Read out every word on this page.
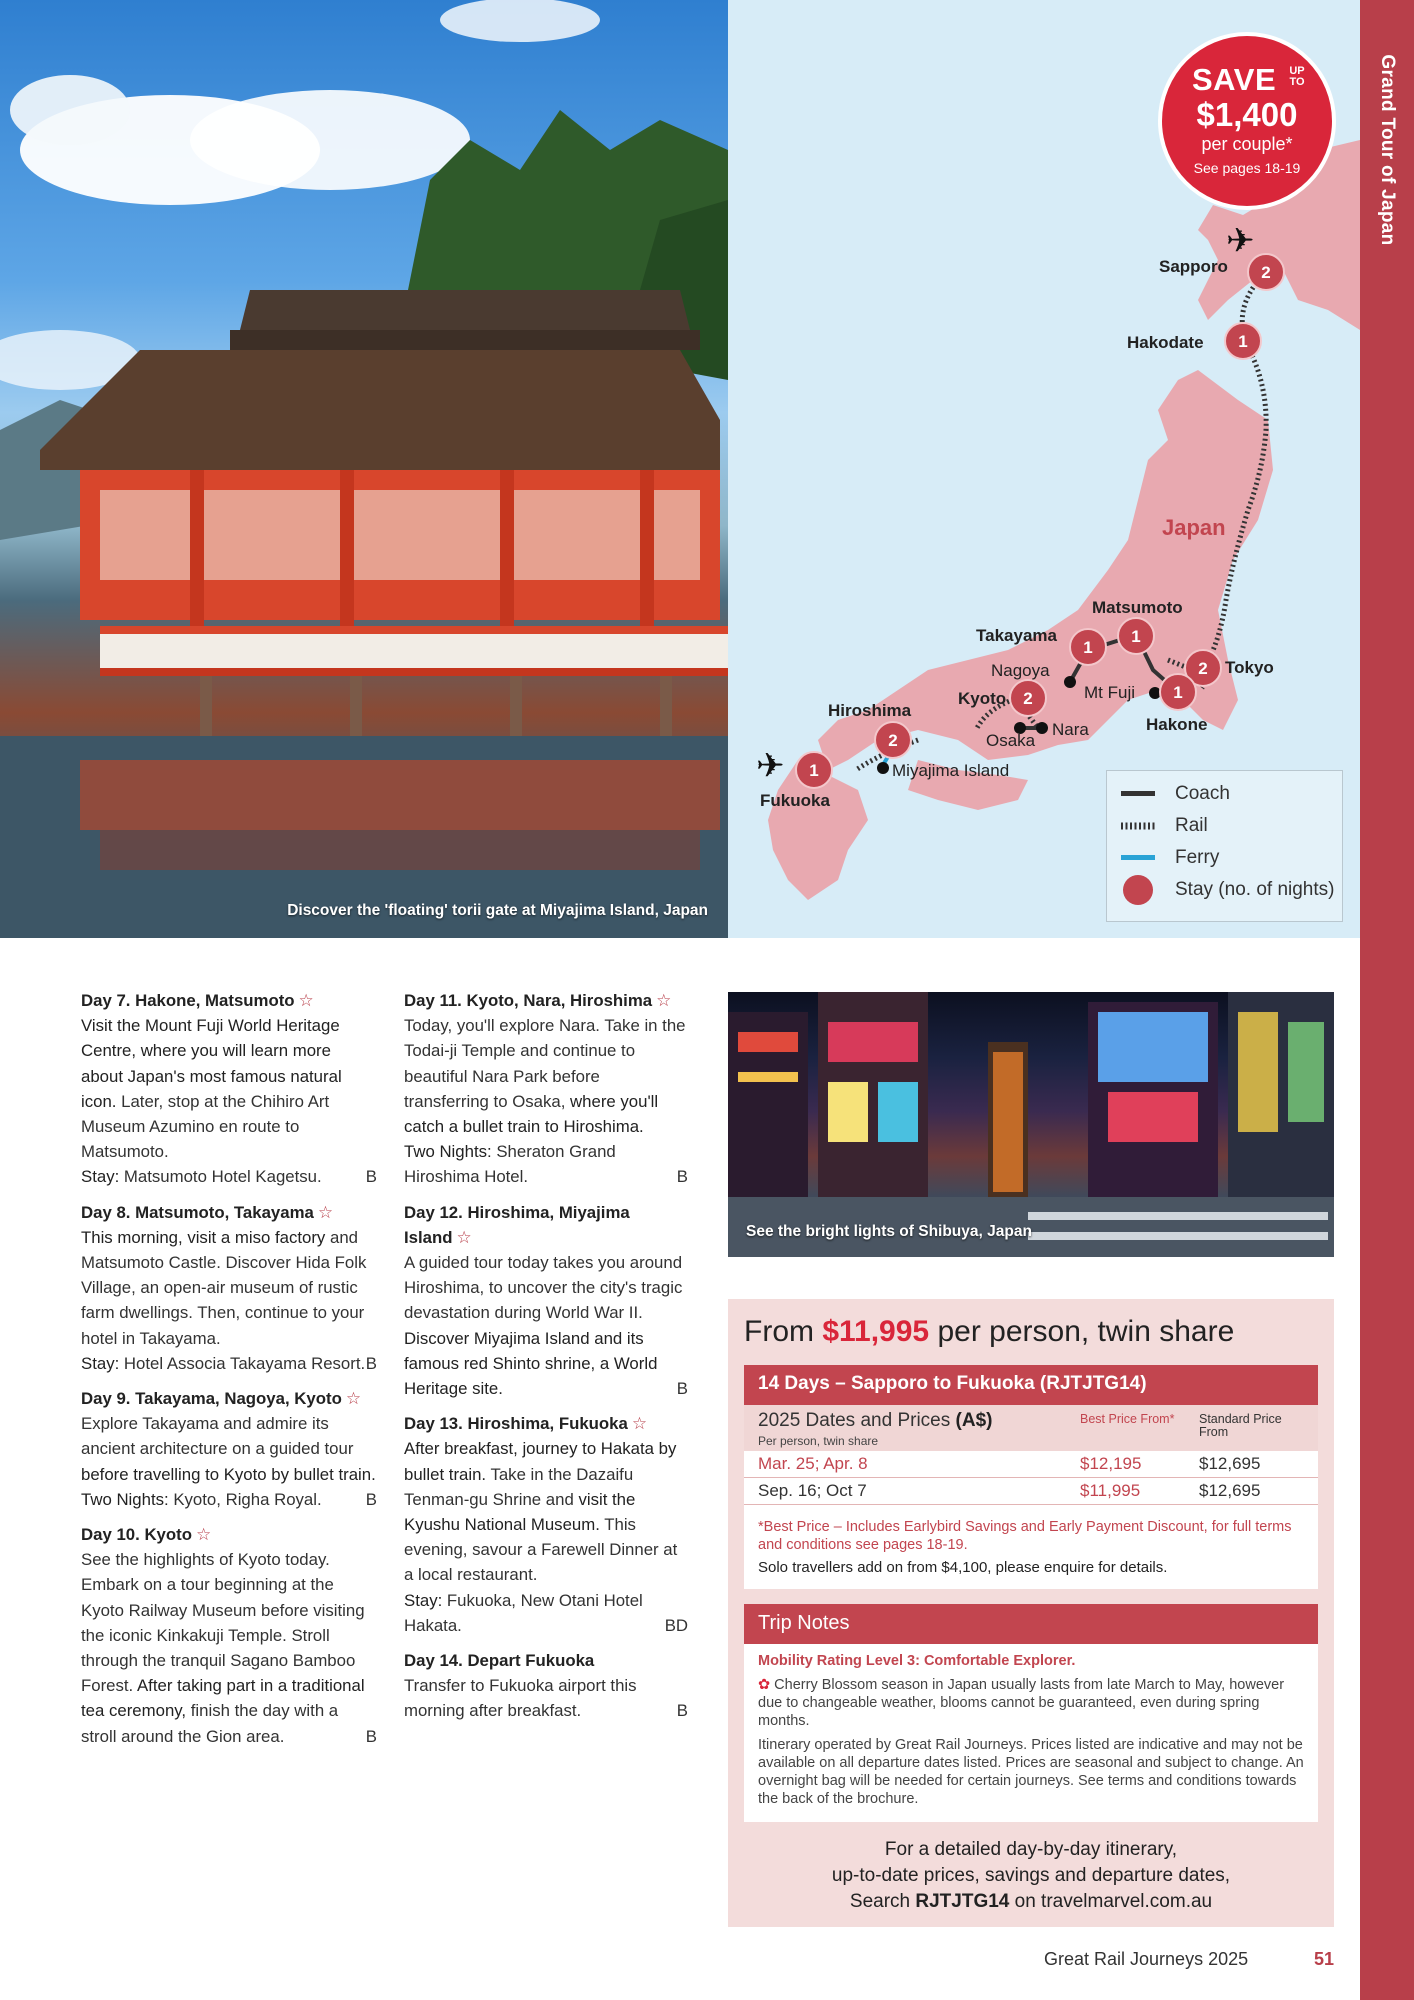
Grand Tour of Japan
Discover the 'floating' torii gate at Miyajima Island, Japan
✈
✈
2
1
1
1
2
1
2
2
1
Sapporo
Hakodate
Japan
Matsumoto
Takayama
Nagoya
Kyoto	Mt Fuji
Tokyo
Hakone
Nara
Osaka
Hiroshima
Miyajima Island
Fukuoka
SAVE	UP TO
$1,400
per couple*
See pages 18-19
Coach
Rail
Ferry
Stay (no. of nights)
Day 7. Hakone, Matsumoto ☆
Visit the Mount Fuji World Heritage Centre, where you will learn more about Japan's most famous natural icon. Later, stop at the Chihiro Art Museum Azumino en route to Matsumoto.
Stay: Matsumoto Hotel Kagetsu.	B
Day 8. Matsumoto, Takayama ☆
This morning, visit a miso factory and Matsumoto Castle. Discover Hida Folk Village, an open-air museum of rustic farm dwellings. Then, continue to your hotel in Takayama.
Stay: Hotel Associa Takayama Resort. B
Day 9. Takayama, Nagoya, Kyoto ☆
Explore Takayama and admire its ancient architecture on a guided tour before travelling to Kyoto by bullet train.
Two Nights: Kyoto, Righa Royal.	B
Day 10. Kyoto ☆
See the highlights of Kyoto today. Embark on a tour beginning at the Kyoto Railway Museum before visiting the iconic Kinkakuji Temple. Stroll through the tranquil Sagano Bamboo Forest. After taking part in a traditional tea ceremony, finish the day with a stroll around the Gion area.	B
Day 11. Kyoto, Nara, Hiroshima ☆
Today, you'll explore Nara. Take in the Todai-ji Temple and continue to beautiful Nara Park before transferring to Osaka, where you'll catch a bullet train to Hiroshima.
Two Nights: Sheraton Grand Hiroshima Hotel.	B
Day 12. Hiroshima, Miyajima Island ☆
A guided tour today takes you around Hiroshima, to uncover the city's tragic devastation during World War II. Discover Miyajima Island and its famous red Shinto shrine, a World Heritage site.	B
Day 13. Hiroshima, Fukuoka ☆
After breakfast, journey to Hakata by bullet train. Take in the Dazaifu Tenman-gu Shrine and visit the Kyushu National Museum. This evening, savour a Farewell Dinner at a local restaurant.
Stay: Fukuoka, New Otani Hotel Hakata.	BD
Day 14. Depart Fukuoka
Transfer to Fukuoka airport this morning after breakfast.	B
See the bright lights of Shibuya, Japan
From $11,995 per person, twin share
14 Days – Sapporo to Fukuoka (RJTJTG14)
2025 Dates and Prices (A$)
Per person, twin share
Best Price From*	Standard Price From
Mar. 25; Apr. 8	$12,195	$12,695
Sep. 16; Oct 7	$11,995	$12,695
*Best Price – Includes Earlybird Savings and Early Payment Discount, for full terms and conditions see pages 18-19.
Solo travellers add on from $4,100, please enquire for details.
Trip Notes
Mobility Rating Level 3: Comfortable Explorer.
✿ Cherry Blossom season in Japan usually lasts from late March to May, however due to changeable weather, blooms cannot be guaranteed, even during spring months.
Itinerary operated by Great Rail Journeys. Prices listed are indicative and may not be available on all departure dates listed. Prices are seasonal and subject to change. An overnight bag will be needed for certain journeys. See terms and conditions towards the back of the brochure.
For a detailed day-by-day itinerary,
up-to-date prices, savings and departure dates,
Search RJTJTG14 on travelmarvel.com.au
Great Rail Journeys 2025	51
